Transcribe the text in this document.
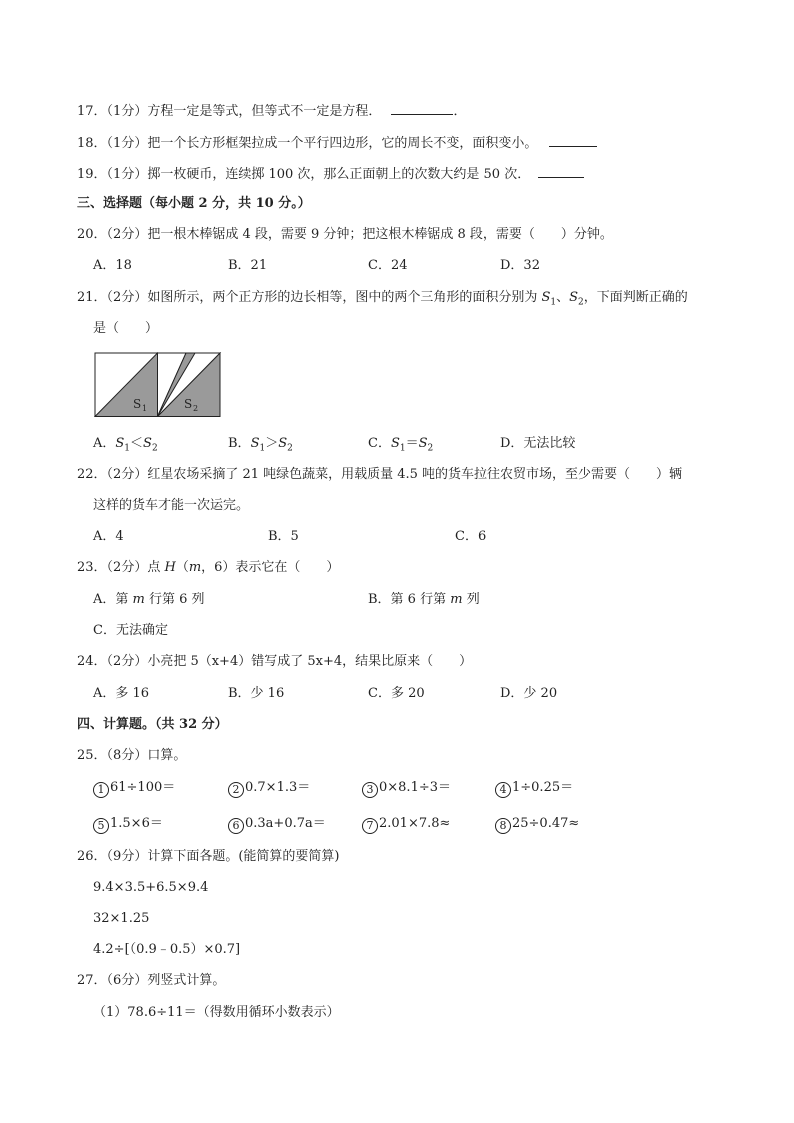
17．（1分）方程一定是等式，但等式不一定是方程．	．
18．（1分）把一个长方形框架拉成一个平行四边形，它的周长不变，面积变小。
19．（1分）掷一枚硬币，连续掷 100 次，那么正面朝上的次数大约是 50 次．
三、选择题（每小题 2 分，共 10 分。）
20．（2分）把一根木棒锯成 4 段，需要 9 分钟；把这根木棒锯成 8 段，需要（　　）分钟。
A．18	B．21	C．24	D．32
21．（2分）如图所示，两个正方形的边长相等，图中的两个三角形的面积分别为 $S_1$、$S_2$，下面判断正确的
是（　　）
S 1	S 2
A．$S_1<S_2$	B．$S_1>S_2$	C．$S_1=S_2$	D．无法比较
22．（2分）红星农场采摘了 21 吨绿色蔬菜，用载质量 4.5 吨的货车拉往农贸市场，至少需要（　　）辆
这样的货车才能一次运完。
A．4	B．5	C．6
23．（2分）点 H（m，6）表示它在（　　）
A．第 m 行第 6 列	B．第 6 行第 m 列
C．无法确定
24．（2分）小亮把 5（x+4）错写成了 5x+4，结果比原来（　　）
A．多 16	B．少 16	C．多 20	D．少 20
四、计算题。（共 32 分）
25．（8分）口算。
1 61÷100＝	2 0.7×1.3＝	3 0×8.1÷3＝	4 1÷0.25＝
5 1.5×6＝	6 0.3a+0.7a＝	7 2.01×7.8≈	8 25÷0.47≈
26．（9分）计算下面各题。(能简算的要简算)
9.4×3.5+6.5×9.4
32×1.25
4.2÷[（0.9﹣0.5）×0.7]
27．（6分）列竖式计算。
（1）78.6÷11＝（得数用循环小数表示）
